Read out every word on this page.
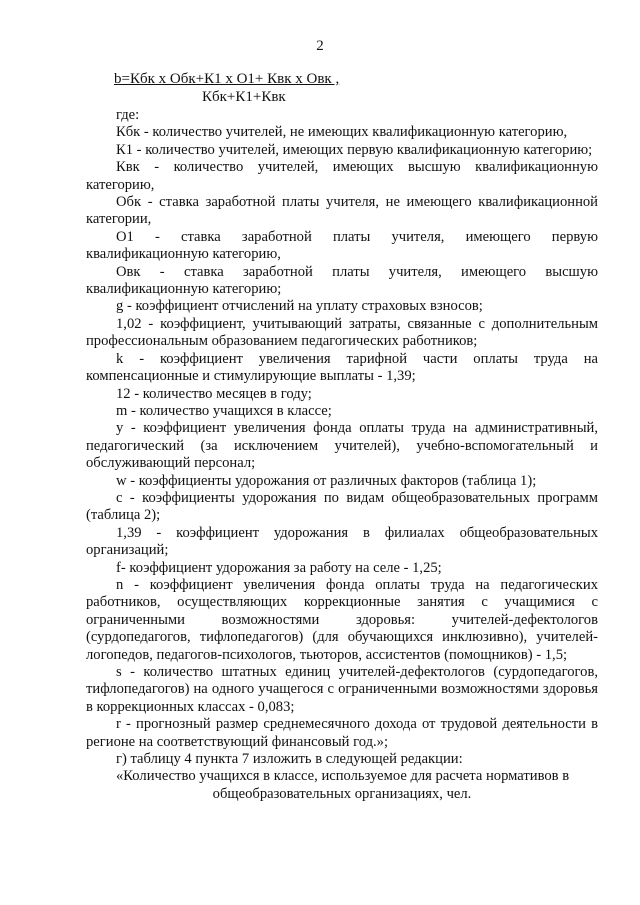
2
b=Кбк х Обк+К1 х О1+ Квк х Овк ,
Кбк+К1+Квк

где:

Кбк - количество учителей, не имеющих квалификационную категорию,

К1 - количество учителей, имеющих первую квалификационную категорию;

Квк - количество учителей, имеющих высшую квалификационную категорию,

Обк - ставка заработной платы учителя, не имеющего квалификационной категории,

О1 - ставка заработной платы учителя, имеющего первую квалификационную категорию,

Овк - ставка заработной платы учителя, имеющего высшую квалификационную категорию;

g - коэффициент отчислений на уплату страховых взносов;

1,02 - коэффициент, учитывающий затраты, связанные с дополнительным профессиональным образованием педагогических работников;

k - коэффициент увеличения тарифной части оплаты труда на компенсационные и стимулирующие выплаты - 1,39;

12 - количество месяцев в году;

m - количество учащихся в классе;

y - коэффициент увеличения фонда оплаты труда на административный, педагогический (за исключением учителей), учебно-вспомогательный и обслуживающий персонал;

w - коэффициенты удорожания от различных факторов (таблица 1);

c - коэффициенты удорожания по видам общеобразовательных программ (таблица 2);

1,39 - коэффициент удорожания в филиалах общеобразовательных организаций;

f- коэффициент удорожания за работу на селе - 1,25;

n - коэффициент увеличения фонда оплаты труда на педагогических работников, осуществляющих коррекционные занятия с учащимися с ограниченными возможностями здоровья: учителей-дефектологов (сурдопедагогов, тифлопедагогов) (для обучающихся инклюзивно), учителей-логопедов, педагогов-психологов, тьюторов, ассистентов (помощников) - 1,5;

s - количество штатных единиц учителей-дефектологов (сурдопедагогов, тифлопедагогов) на одного учащегося с ограниченными возможностями здоровья в коррекционных классах - 0,083;

r - прогнозный размер среднемесячного дохода от трудовой деятельности в регионе на соответствующий финансовый год.»;

г) таблицу 4 пункта 7 изложить в следующей редакции:

«Количество учащихся в классе, используемое для расчета нормативов в

общеобразовательных организациях, чел.
